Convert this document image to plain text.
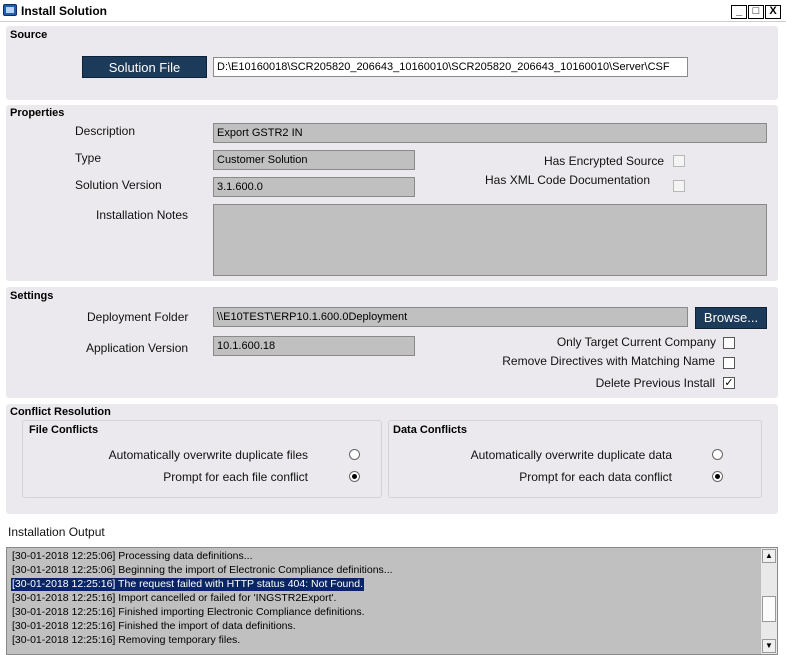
Install Solution	_ □ X
Source
Solution File	D:\E10160018\SCR205820_206643_10160010\SCR205820_206643_10160010\Server\CSF
Properties
Description	Export GSTR2 IN
Type	Customer Solution
Solution Version	3.1.600.0
Installation Notes
Has Encrypted Source
Has XML Code Documentation
Settings
Deployment Folder	\\E10TEST\ERP10.1.600.0Deployment	Browse...
Application Version	10.1.600.18	Only Target Current Company
Remove Directives with Matching Name
Delete Previous Install ✓
Conflict Resolution
File Conflicts
Automatically overwrite duplicate files
Prompt for each file conflict
Data Conflicts
Automatically overwrite duplicate data
Prompt for each data conflict
Installation Output
[30-01-2018 12:25:06] Processing data definitions...
[30-01-2018 12:25:06] Beginning the import of Electronic Compliance definitions...
[30-01-2018 12:25:16] The request failed with HTTP status 404: Not Found.
[30-01-2018 12:25:16] Import cancelled or failed for 'INGSTR2Export'.
[30-01-2018 12:25:16] Finished importing Electronic Compliance definitions.
[30-01-2018 12:25:16] Finished the import of data definitions.
[30-01-2018 12:25:16] Removing temporary files.
▲
▼
